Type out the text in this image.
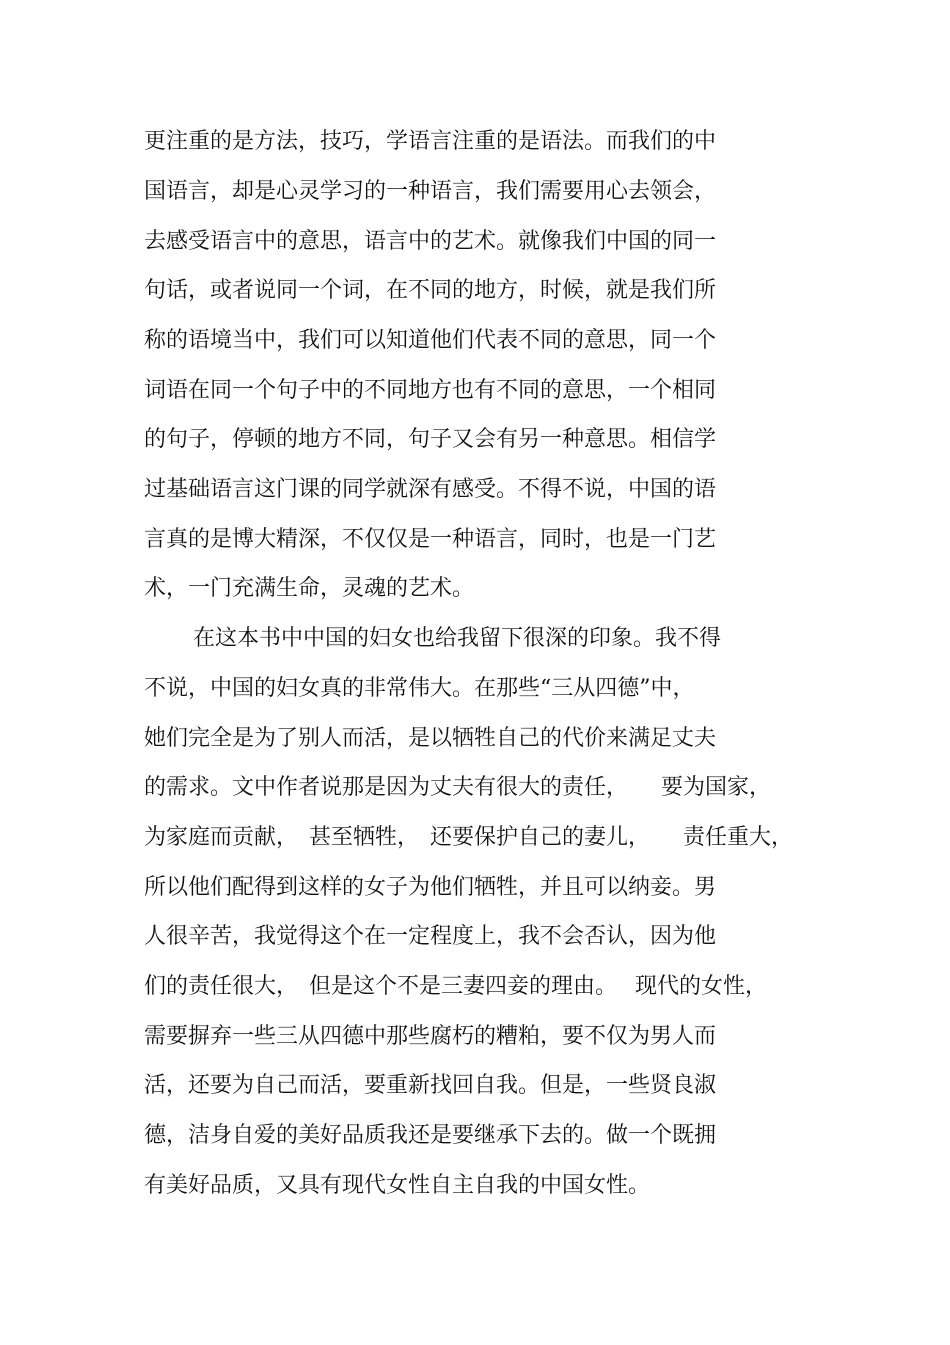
更注重的是方法，技巧，学语言注重的是语法。而我们的中
国语言，却是心灵学习的一种语言，我们需要用心去领会，
去感受语言中的意思，语言中的艺术。就像我们中国的同一
句话，或者说同一个词，在不同的地方，时候，就是我们所
称的语境当中，我们可以知道他们代表不同的意思，同一个
词语在同一个句子中的不同地方也有不同的意思，一个相同
的句子，停顿的地方不同，句子又会有另一种意思。相信学
过基础语言这门课的同学就深有感受。不得不说，中国的语
言真的是博大精深，不仅仅是一种语言，同时，也是一门艺
术，一门充满生命，灵魂的艺术。
在这本书中中国的妇女也给我留下很深的印象。我不得
不说，中国的妇女真的非常伟大。在那些“三从四德”中，
她们完全是为了别人而活，是以牺牲自己的代价来满足丈夫
的需求。文中作者说那是因为丈夫有很大的责任，　　要为国家，
为家庭而贡献，　甚至牺牲，　还要保护自己的妻儿，　　责任重大，
所以他们配得到这样的女子为他们牺牲，并且可以纳妾。男
人很辛苦，我觉得这个在一定程度上，我不会否认，因为他
们的责任很大，　但是这个不是三妻四妾的理由。　 现代的女性，
需要摒弃一些三从四德中那些腐朽的糟粕，要不仅为男人而
活，还要为自己而活，要重新找回自我。但是，一些贤良淑
德，洁身自爱的美好品质我还是要继承下去的。做一个既拥
有美好品质，又具有现代女性自主自我的中国女性。
